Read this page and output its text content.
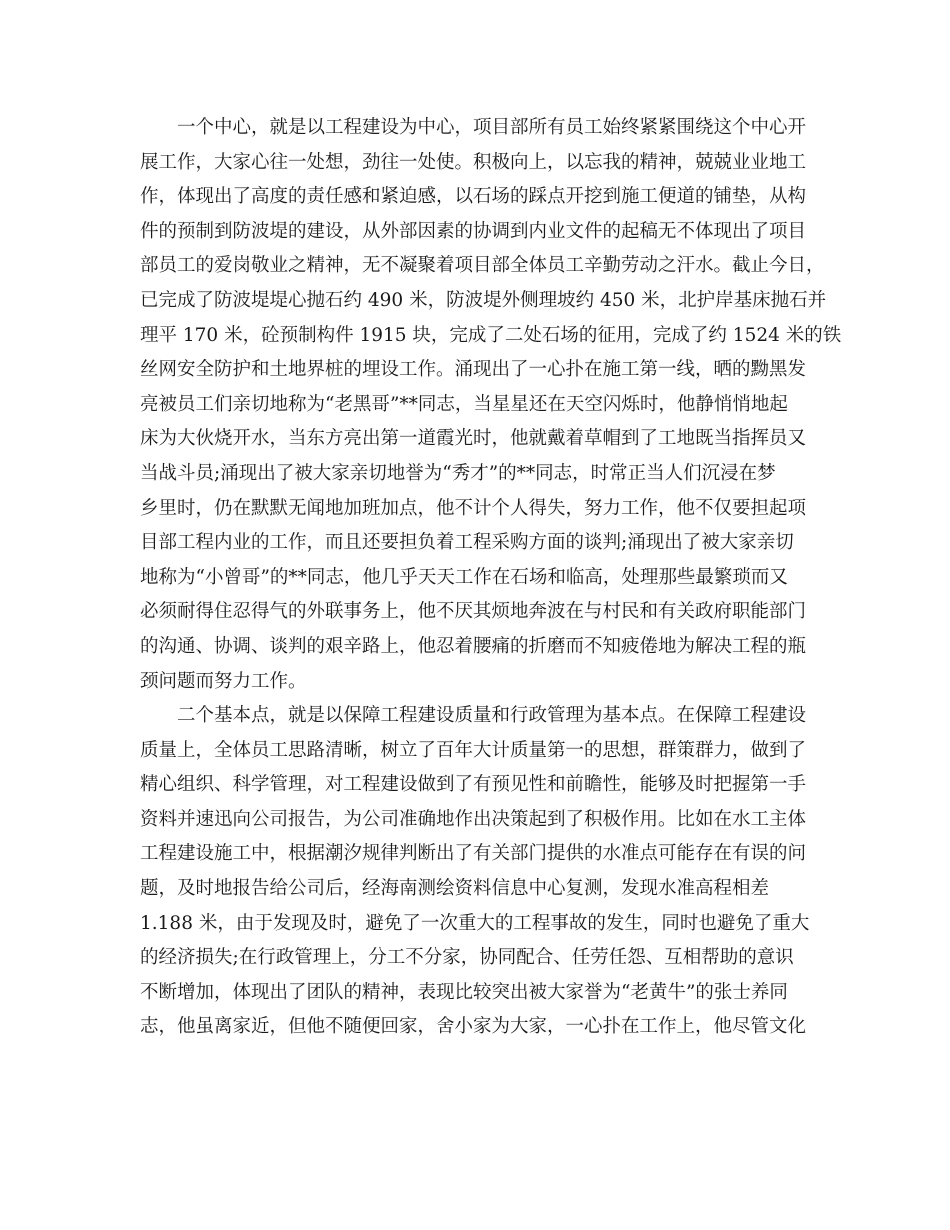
一个中心，就是以工程建设为中心，项目部所有员工始终紧紧围绕这个中心开
展工作，大家心往一处想，劲往一处使。积极向上，以忘我的精神，兢兢业业地工
作，体现出了高度的责任感和紧迫感，以石场的踩点开挖到施工便道的铺垫，从构
件的预制到防波堤的建设，从外部因素的协调到内业文件的起稿无不体现出了项目
部员工的爱岗敬业之精神，无不凝聚着项目部全体员工辛勤劳动之汗水。截止今日，
已完成了防波堤堤心抛石约 490 米，防波堤外侧理坡约 450 米，北护岸基床抛石并
理平 170 米，砼预制构件 1915 块，完成了二处石场的征用，完成了约 1524 米的铁
丝网安全防护和土地界桩的埋设工作。涌现出了一心扑在施工第一线，晒的黝黑发
亮被员工们亲切地称为“老黑哥”**同志，当星星还在天空闪烁时，他静悄悄地起
床为大伙烧开水，当东方亮出第一道霞光时，他就戴着草帽到了工地既当指挥员又
当战斗员;涌现出了被大家亲切地誉为“秀才”的**同志，时常正当人们沉浸在梦
乡里时，仍在默默无闻地加班加点，他不计个人得失，努力工作，他不仅要担起项
目部工程内业的工作，而且还要担负着工程采购方面的谈判;涌现出了被大家亲切
地称为“小曾哥”的**同志，他几乎天天工作在石场和临高，处理那些最繁琐而又
必须耐得住忍得气的外联事务上，他不厌其烦地奔波在与村民和有关政府职能部门
的沟通、协调、谈判的艰辛路上，他忍着腰痛的折磨而不知疲倦地为解决工程的瓶
颈问题而努力工作。
二个基本点，就是以保障工程建设质量和行政管理为基本点。在保障工程建设
质量上，全体员工思路清晰，树立了百年大计质量第一的思想，群策群力，做到了
精心组织、科学管理，对工程建设做到了有预见性和前瞻性，能够及时把握第一手
资料并速迅向公司报告，为公司准确地作出决策起到了积极作用。比如在水工主体
工程建设施工中，根据潮汐规律判断出了有关部门提供的水准点可能存在有误的问
题，及时地报告给公司后，经海南测绘资料信息中心复测，发现水准高程相差
1.188 米，由于发现及时，避免了一次重大的工程事故的发生，同时也避免了重大
的经济损失;在行政管理上，分工不分家，协同配合、任劳任怨、互相帮助的意识
不断增加，体现出了团队的精神，表现比较突出被大家誉为“老黄牛”的张士养同
志，他虽离家近，但他不随便回家，舍小家为大家，一心扑在工作上，他尽管文化
